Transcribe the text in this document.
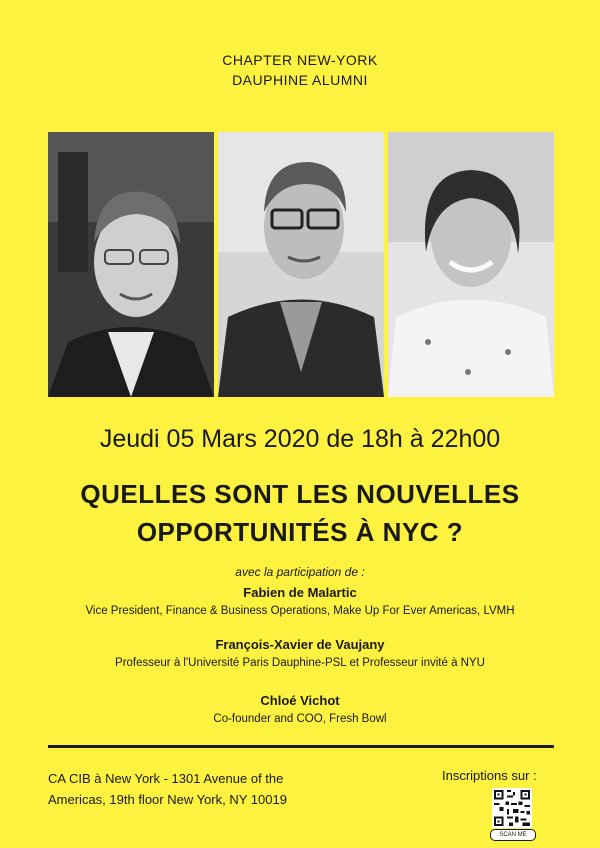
CHAPTER NEW-YORK
DAUPHINE ALUMNI
Jeudi 05 Mars 2020 de 18h à 22h00
QUELLES SONT LES NOUVELLES
OPPORTUNITÉS À NYC ?
avec la participation de :
Fabien de Malartic
Vice President, Finance & Business Operations, Make Up For Ever Americas, LVMH
François-Xavier de Vaujany
Professeur à l'Université Paris Dauphine-PSL et Professeur invité à NYU
Chloé Vichot
Co-founder and COO, Fresh Bowl
CA CIB à New York - 1301 Avenue of the
Americas, 19th floor New York, NY 10019
Inscriptions sur :
SCAN ME
